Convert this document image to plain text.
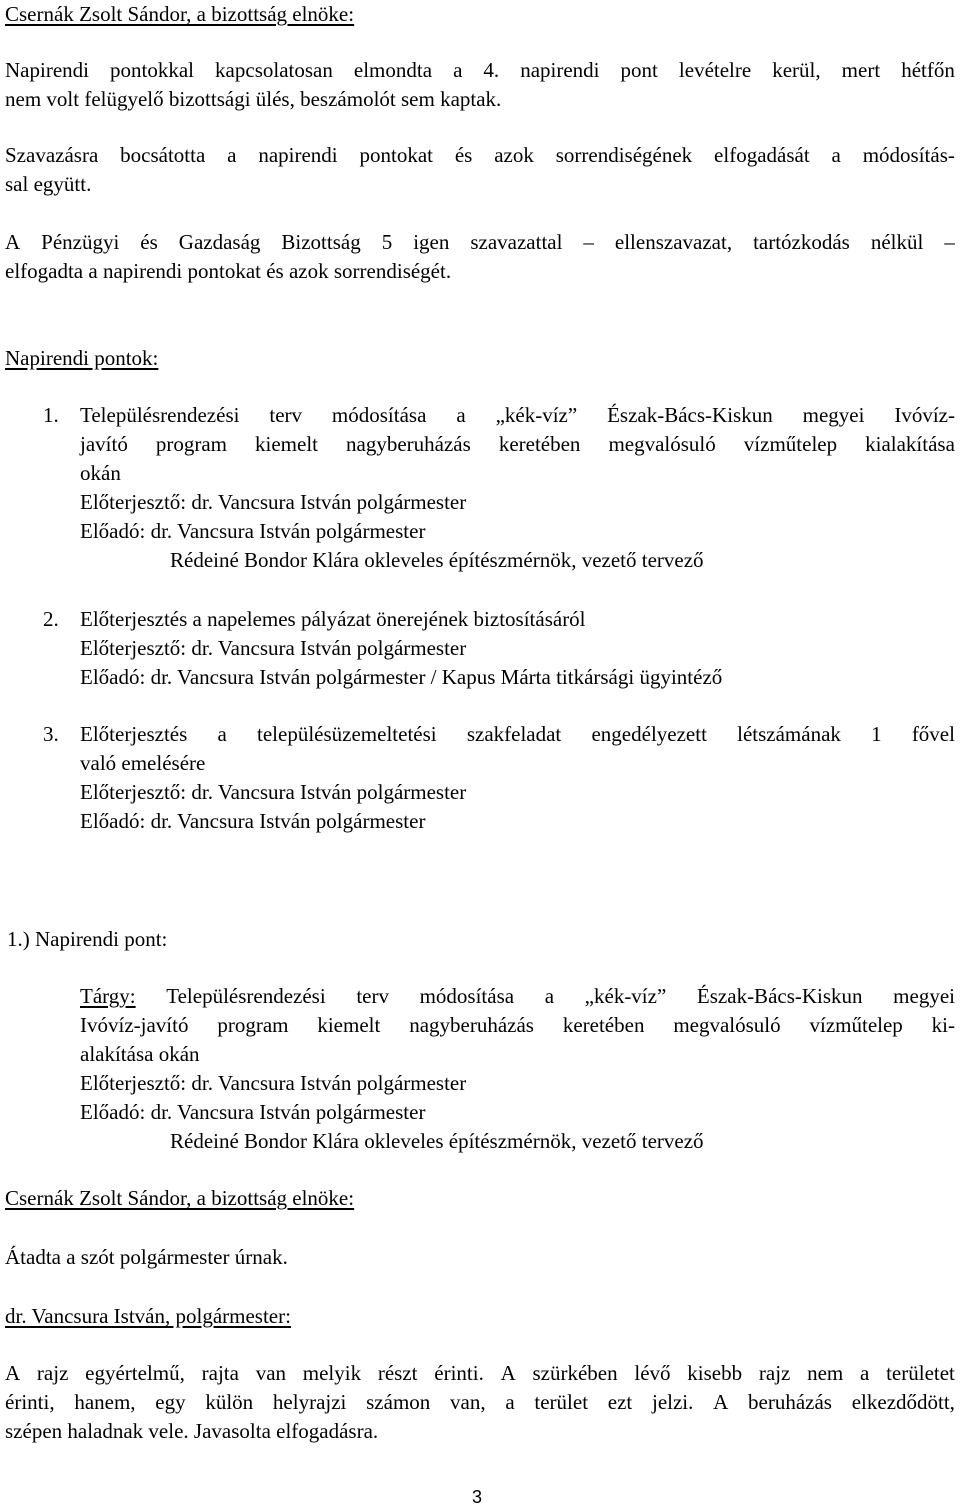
Csernák Zsolt Sándor, a bizottság elnöke:
Napirendi pontokkal kapcsolatosan elmondta a 4. napirendi pont levételre kerül, mert hétfőn
nem volt felügyelő bizottsági ülés, beszámolót sem kaptak.
Szavazásra bocsátotta a napirendi pontokat és azok sorrendiségének elfogadását a módosítás-
sal együtt.
A Pénzügyi és Gazdaság Bizottság 5 igen szavazattal – ellenszavazat, tartózkodás nélkül –
elfogadta a napirendi pontokat és azok sorrendiségét.
Napirendi pontok:
1. Településrendezési terv módosítása a „kék-víz” Észak-Bács-Kiskun megyei Ivóvíz-
javító program kiemelt nagyberuházás keretében megvalósuló vízműtelep kialakítása
okán
Előterjesztő: dr. Vancsura István polgármester
Előadó: dr. Vancsura István polgármester
Rédeiné Bondor Klára okleveles építészmérnök, vezető tervező
2. Előterjesztés a napelemes pályázat önerejének biztosításáról
Előterjesztő: dr. Vancsura István polgármester
Előadó: dr. Vancsura István polgármester / Kapus Márta titkársági ügyintéző
3. Előterjesztés a településüzemeltetési szakfeladat engedélyezett létszámának 1 fővel
való emelésére
Előterjesztő: dr. Vancsura István polgármester
Előadó: dr. Vancsura István polgármester
1.) Napirendi pont:
Tárgy: Településrendezési terv módosítása a „kék-víz” Észak-Bács-Kiskun megyei
Ivóvíz-javító program kiemelt nagyberuházás keretében megvalósuló vízműtelep ki-
alakítása okán
Előterjesztő: dr. Vancsura István polgármester
Előadó: dr. Vancsura István polgármester
Rédeiné Bondor Klára okleveles építészmérnök, vezető tervező
Csernák Zsolt Sándor, a bizottság elnöke:
Átadta a szót polgármester úrnak.
dr. Vancsura István, polgármester:
A rajz egyértelmű, rajta van melyik részt érinti. A szürkében lévő kisebb rajz nem a területet
érinti, hanem, egy külön helyrajzi számon van, a terület ezt jelzi. A beruházás elkezdődött,
szépen haladnak vele. Javasolta elfogadásra.
3
